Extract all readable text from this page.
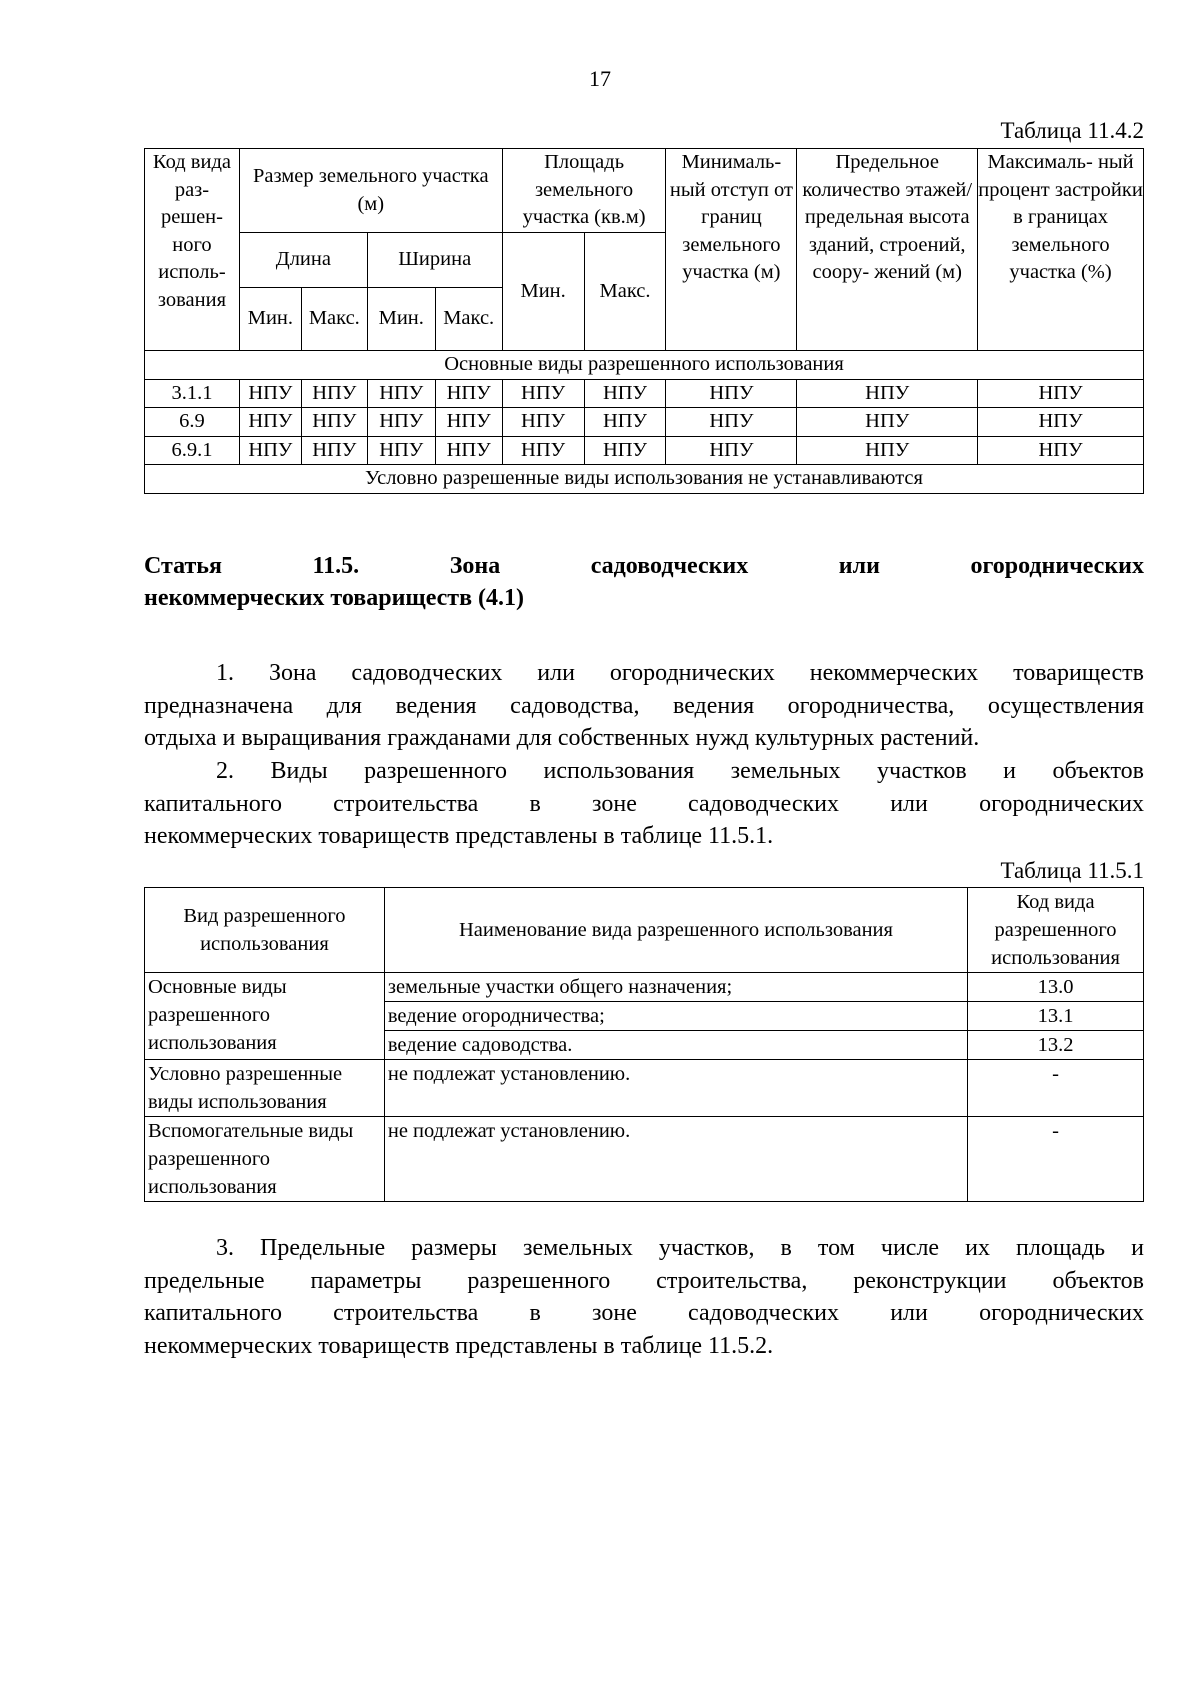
17
Таблица 11.4.2
Код вида раз- решен- ного исполь- зования	Размер земельного участка (м)				Площадь земельного участка (кв.м)		Минималь- ный отступ от границ земельного участка (м)	Предельное количество этажей/ предельная высота зданий, строений, соору- жений (м)	Максималь- ный процент застройки в границах земельного участка (%)
	Длина		Ширина		Мин.	Макс.			
	Мин.	Макс.	Мин.	Макс.					
Основные виды разрешенного использования									
3.1.1	НПУ	НПУ	НПУ	НПУ	НПУ	НПУ	НПУ	НПУ	НПУ
6.9	НПУ	НПУ	НПУ	НПУ	НПУ	НПУ	НПУ	НПУ	НПУ
6.9.1	НПУ	НПУ	НПУ	НПУ	НПУ	НПУ	НПУ	НПУ	НПУ
Условно разрешенные виды использования не устанавливаются									
Статья 11.5. Зона садоводческих или огороднических
некоммерческих товариществ (4.1)
1. Зона садоводческих или огороднических некоммерческих товариществ
предназначена для ведения садоводства, ведения огородничества, осуществления
отдыха и выращивания гражданами для собственных нужд культурных растений.
2. Виды разрешенного использования земельных участков и объектов
капитального строительства в зоне садоводческих или огороднических
некоммерческих товариществ представлены в таблице 11.5.1.
Таблица 11.5.1
Вид разрешенного использования	Наименование вида разрешенного использования	Код вида разрешенного использования
Основные виды разрешенного использования	земельные участки общего назначения;	13.0
	ведение огородничества;	13.1
	ведение садоводства.	13.2
Условно разрешенные виды использования	не подлежат установлению.	-
Вспомогательные виды разрешенного использования	не подлежат установлению.	-
3. Предельные размеры земельных участков, в том числе их площадь и
предельные параметры разрешенного строительства, реконструкции объектов
капитального строительства в зоне садоводческих или огороднических
некоммерческих товариществ представлены в таблице 11.5.2.
